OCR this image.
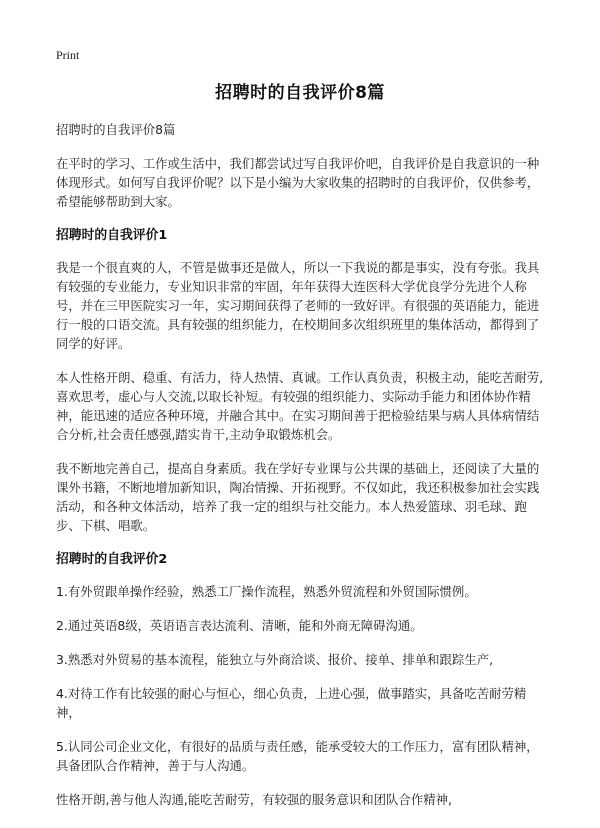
Print
招聘时的自我评价8篇

招聘时的自我评价8篇

在平时的学习、工作或生活中，我们都尝试过写自我评价吧，自我评价是自我意识的一种体现形式。如何写自我评价呢？以下是小编为大家收集的招聘时的自我评价，仅供参考，希望能够帮助到大家。

招聘时的自我评价1

我是一个很直爽的人，不管是做事还是做人，所以一下我说的都是事实，没有夸张。我具有较强的专业能力，专业知识非常的牢固，年年获得大连医科大学优良学分先进个人称号，并在三甲医院实习一年，实习期间获得了老师的一致好评。有很强的英语能力，能进行一般的口语交流。具有较强的组织能力，在校期间多次组织班里的集体活动，都得到了同学的好评。

本人性格开朗、稳重、有活力，待人热情、真诚。工作认真负责，积极主动，能吃苦耐劳,喜欢思考，虚心与人交流,以取长补短。有较强的组织能力、实际动手能力和团体协作精神，能迅速的适应各种环境，并融合其中。在实习期间善于把检验结果与病人具体病情结合分析,社会责任感强,踏实肯干,主动争取锻炼机会。

我不断地完善自己，提高自身素质。我在学好专业课与公共课的基础上，还阅读了大量的课外书籍，不断地增加新知识，陶冶情操、开拓视野。不仅如此，我还积极参加社会实践活动，和各种文体活动，培养了我一定的组织与社交能力。本人热爱篮球、羽毛球、跑步、下棋、唱歌。

招聘时的自我评价2

1.有外贸跟单操作经验，熟悉工厂操作流程，熟悉外贸流程和外贸国际惯例。

2.通过英语8级，英语语言表达流利、清晰，能和外商无障碍沟通。

3.熟悉对外贸易的基本流程，能独立与外商洽谈、报价、接单、排单和跟踪生产,

4.对待工作有比较强的耐心与恒心，细心负责，上进心强，做事踏实，具备吃苦耐劳精神，

5.认同公司企业文化，有很好的品质与责任感，能承受较大的工作压力，富有团队精神，具备团队合作精神，善于与人沟通。

性格开朗,善与他人沟通,能吃苦耐劳，有较强的服务意识和团队合作精神,
